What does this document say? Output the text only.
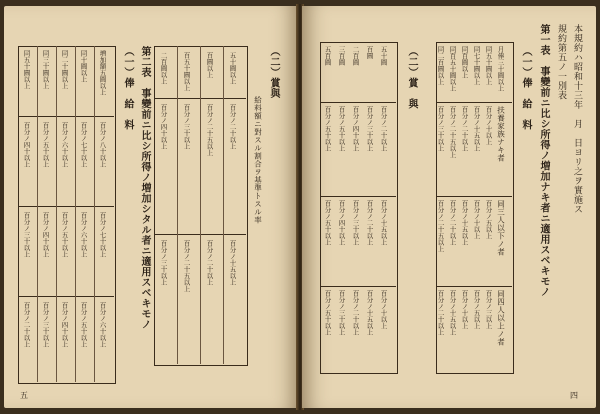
（二）賞與
給料額ニ對スル割合ヲ基準トスル率
第二表　事變前ニ比シ所得ノ増加シタル者ニ適用スベキモノ
（一）俸　給　料	五十圓以上
百圓以上
百五十圓以上
二百圓以上
百分ノ二十以上
百分ノ二十五以上
百分ノ三十以上
百分ノ四十以上
百分ノ十五以上
百分ノ二十以上
百分ノ二十五以上
百分ノ三十以上
増加額五圓以上
同十圓以上
同二十圓以上
同三十圓以上
同五十圓以上
百分ノ八十以上
百分ノ七十以上
百分ノ六十以上
百分ノ五十以上
百分ノ四十以上
百分ノ七十以上
百分ノ六十以上
百分ノ五十以上
百分ノ四十以上
百分ノ三十以上
百分ノ六十以上
百分ノ五十以上
百分ノ四十以上
百分ノ三十以上
百分ノ二十以上
五
本規約ハ昭和十三年　月　日ヨリ之ヲ實施ス
規約第五ノ一別表
第一表　事變前ニ比シ所得ノ増加ナキ者ニ適用スベキモノ
（一）俸　給　料
（二）賞　與	月俸三十圓以上
同五十圓以上
同七十圓以上
同百圓以上
同百五十圓以上
同二百圓以上
扶養家族ナキ者
同三人以下ノ者
同四人以上ノ者
百分ノ十以上
百分ノ十五以上
百分ノ二十以上
百分ノ二十五以上
百分ノ三十以上
百分ノ五以上
百分ノ十以上
百分ノ十五以上
百分ノ二十以上
百分ノ二十五以上
百分ノ三以上
百分ノ五以上
百分ノ十以上
百分ノ十五以上
百分ノ二十以上
五十圓
百圓
二百圓
三百圓
五百圓
百分ノ二十以上
百分ノ三十以上
百分ノ四十以上
百分ノ五十以上
百分ノ五十以上
百分ノ十五以上
百分ノ二十以上
百分ノ三十以上
百分ノ四十以上
百分ノ五十以上
百分ノ十以上
百分ノ十五以上
百分ノ二十以上
百分ノ三十以上
百分ノ五十以上
四
